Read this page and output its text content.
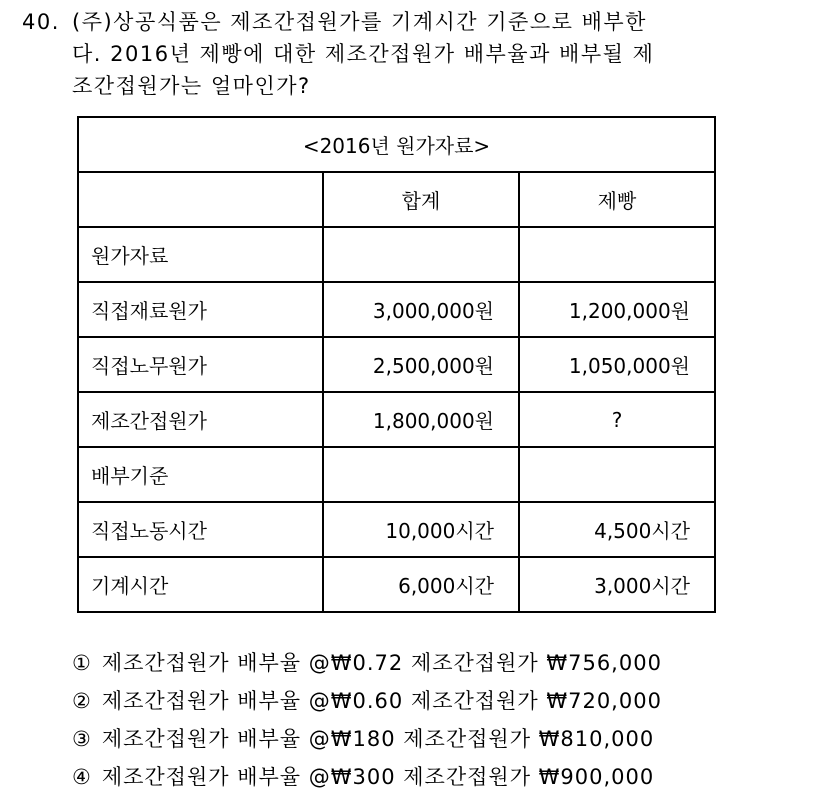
40. (주)상공식품은 제조간접원가를 기계시간 기준으로 배부한
다. 2016년 제빵에 대한 제조간접원가 배부율과 배부될 제
조간접원가는 얼마인가?
<2016년 원가자료>		
	합계	제빵
원가자료		
직접재료원가	3,000,000원	1,200,000원
직접노무원가	2,500,000원	1,050,000원
제조간접원가	1,800,000원	?
배부기준		
직접노동시간	10,000시간	4,500시간
기계시간	6,000시간	3,000시간
① 제조간접원가 배부율 @₩0.72 제조간접원가 ₩756,000
② 제조간접원가 배부율 @₩0.60 제조간접원가 ₩720,000
③ 제조간접원가 배부율 @₩180 제조간접원가 ₩810,000
④ 제조간접원가 배부율 @₩300 제조간접원가 ₩900,000
